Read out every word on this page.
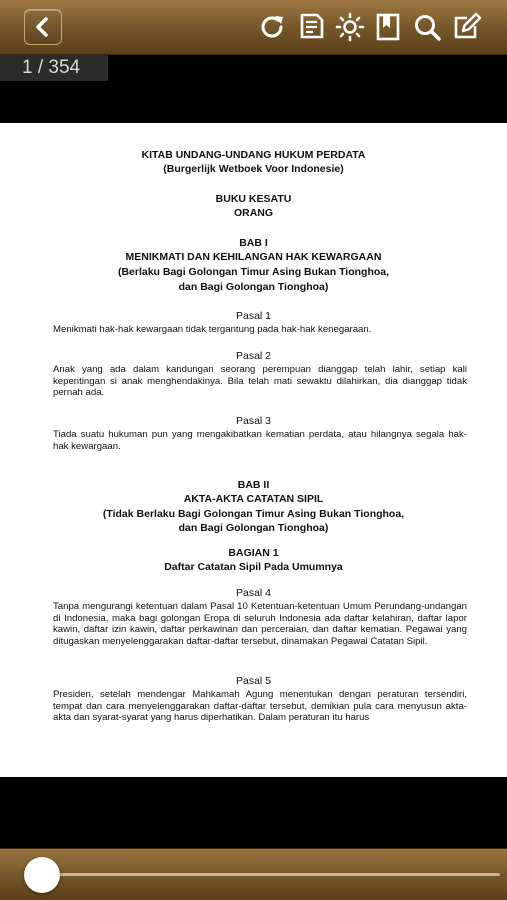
1 / 354
KITAB UNDANG-UNDANG HUKUM PERDATA
(Burgerlijk Wetboek Voor Indonesie)
BUKU KESATU
ORANG
BAB I
MENIKMATI DAN KEHILANGAN HAK KEWARGAAN
(Berlaku Bagi Golongan Timur Asing Bukan Tionghoa,
dan Bagi Golongan Tionghoa)
Pasal 1
Menikmati hak-hak kewargaan tidak tergantung pada hak-hak kenegaraan.
Pasal 2
Anak yang ada dalam kandungan seorang perempuan dianggap telah lahir, setiap kali kepentingan si anak menghendakinya. Bila telah mati sewaktu dilahirkan, dia dianggap tidak pernah ada.
Pasal 3
Tiada suatu hukuman pun yang mengakibatkan kematian perdata, atau hilangnya segala hak- hak kewargaan.
BAB II
AKTA-AKTA CATATAN SIPIL
(Tidak Berlaku Bagi Golongan Timur Asing Bukan Tionghoa,
dan Bagi Golongan Tionghoa)
BAGIAN 1
Daftar Catatan Sipil Pada Umumnya
Pasal 4
Tanpa mengurangi ketentuan dalam Pasal 10 Ketentuan-ketentuan Umum Perundang-undangan di Indonesia, maka bagi golongan Eropa di seluruh Indonesia ada daftar kelahiran, daftar lapor kawin, daftar izin kawin, daftar perkawinan dan perceraian, dan daftar kematian. Pegawai yang ditugaskan menyelenggarakan daftar-daftar tersebut, dinamakan Pegawai Catatan Sipil.
Pasal 5
Presiden, setelah mendengar Mahkamah Agung menentukan dengan peraturan tersendiri, tempat dan cara menyelenggarakan daftar-daftar tersebut, demikian pula cara menyusun akta- akta dan syarat-syarat yang harus diperhatikan. Dalam peraturan itu harus
